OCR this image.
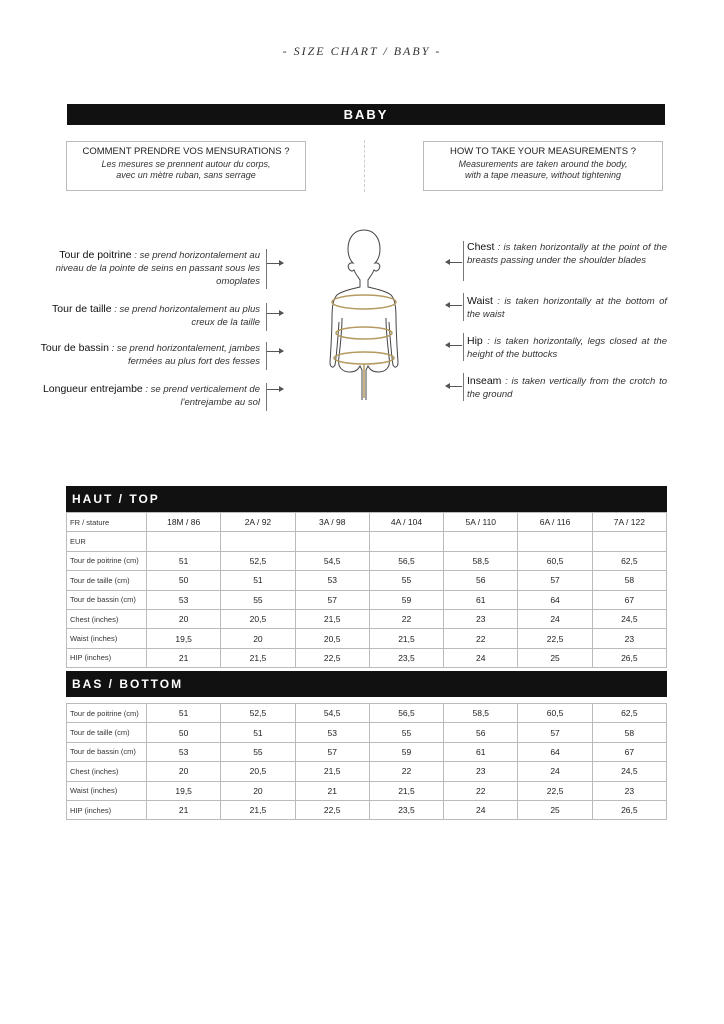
- SIZE CHART / BABY -
BABY
COMMENT PRENDRE VOS MENSURATIONS ?
Les mesures se prennent autour du corps,
avec un mètre ruban, sans serrage
HOW TO TAKE YOUR MEASUREMENTS ?
Measurements are taken around the body,
with a tape measure, without tightening
Tour de poitrine : se prend horizontalement au niveau de la pointe de seins en passant sous les omoplates
Tour de taille : se prend horizontalement au plus creux de la taille
Tour de bassin : se prend horizontalement, jambes fermées au plus fort des fesses
Longueur entrejambe : se prend verticalement de l'entrejambe au sol
Chest : is taken horizontally at the point of the breasts passing under the shoulder blades
Waist : is taken horizontally at the bottom of the waist
Hip : is taken horizontally, legs closed at the height of the buttocks
Inseam : is taken vertically from the crotch to the ground
HAUT / TOP
FR / stature	18M / 86	2A / 92	3A / 98	4A / 104	5A / 110	6A / 116	7A / 122
EUR							
Tour de poitrine (cm)	51	52,5	54,5	56,5	58,5	60,5	62,5
Tour de taille (cm)	50	51	53	55	56	57	58
Tour de bassin (cm)	53	55	57	59	61	64	67
Chest (inches)	20	20,5	21,5	22	23	24	24,5
Waist (inches)	19,5	20	20,5	21,5	22	22,5	23
HIP (inches)	21	21,5	22,5	23,5	24	25	26,5
BAS / BOTTOM
Tour de poitrine (cm)	51	52,5	54,5	56,5	58,5	60,5	62,5
Tour de taille (cm)	50	51	53	55	56	57	58
Tour de bassin (cm)	53	55	57	59	61	64	67
Chest (inches)	20	20,5	21,5	22	23	24	24,5
Waist (inches)	19,5	20	21	21,5	22	22,5	23
HIP (inches)	21	21,5	22,5	23,5	24	25	26,5
